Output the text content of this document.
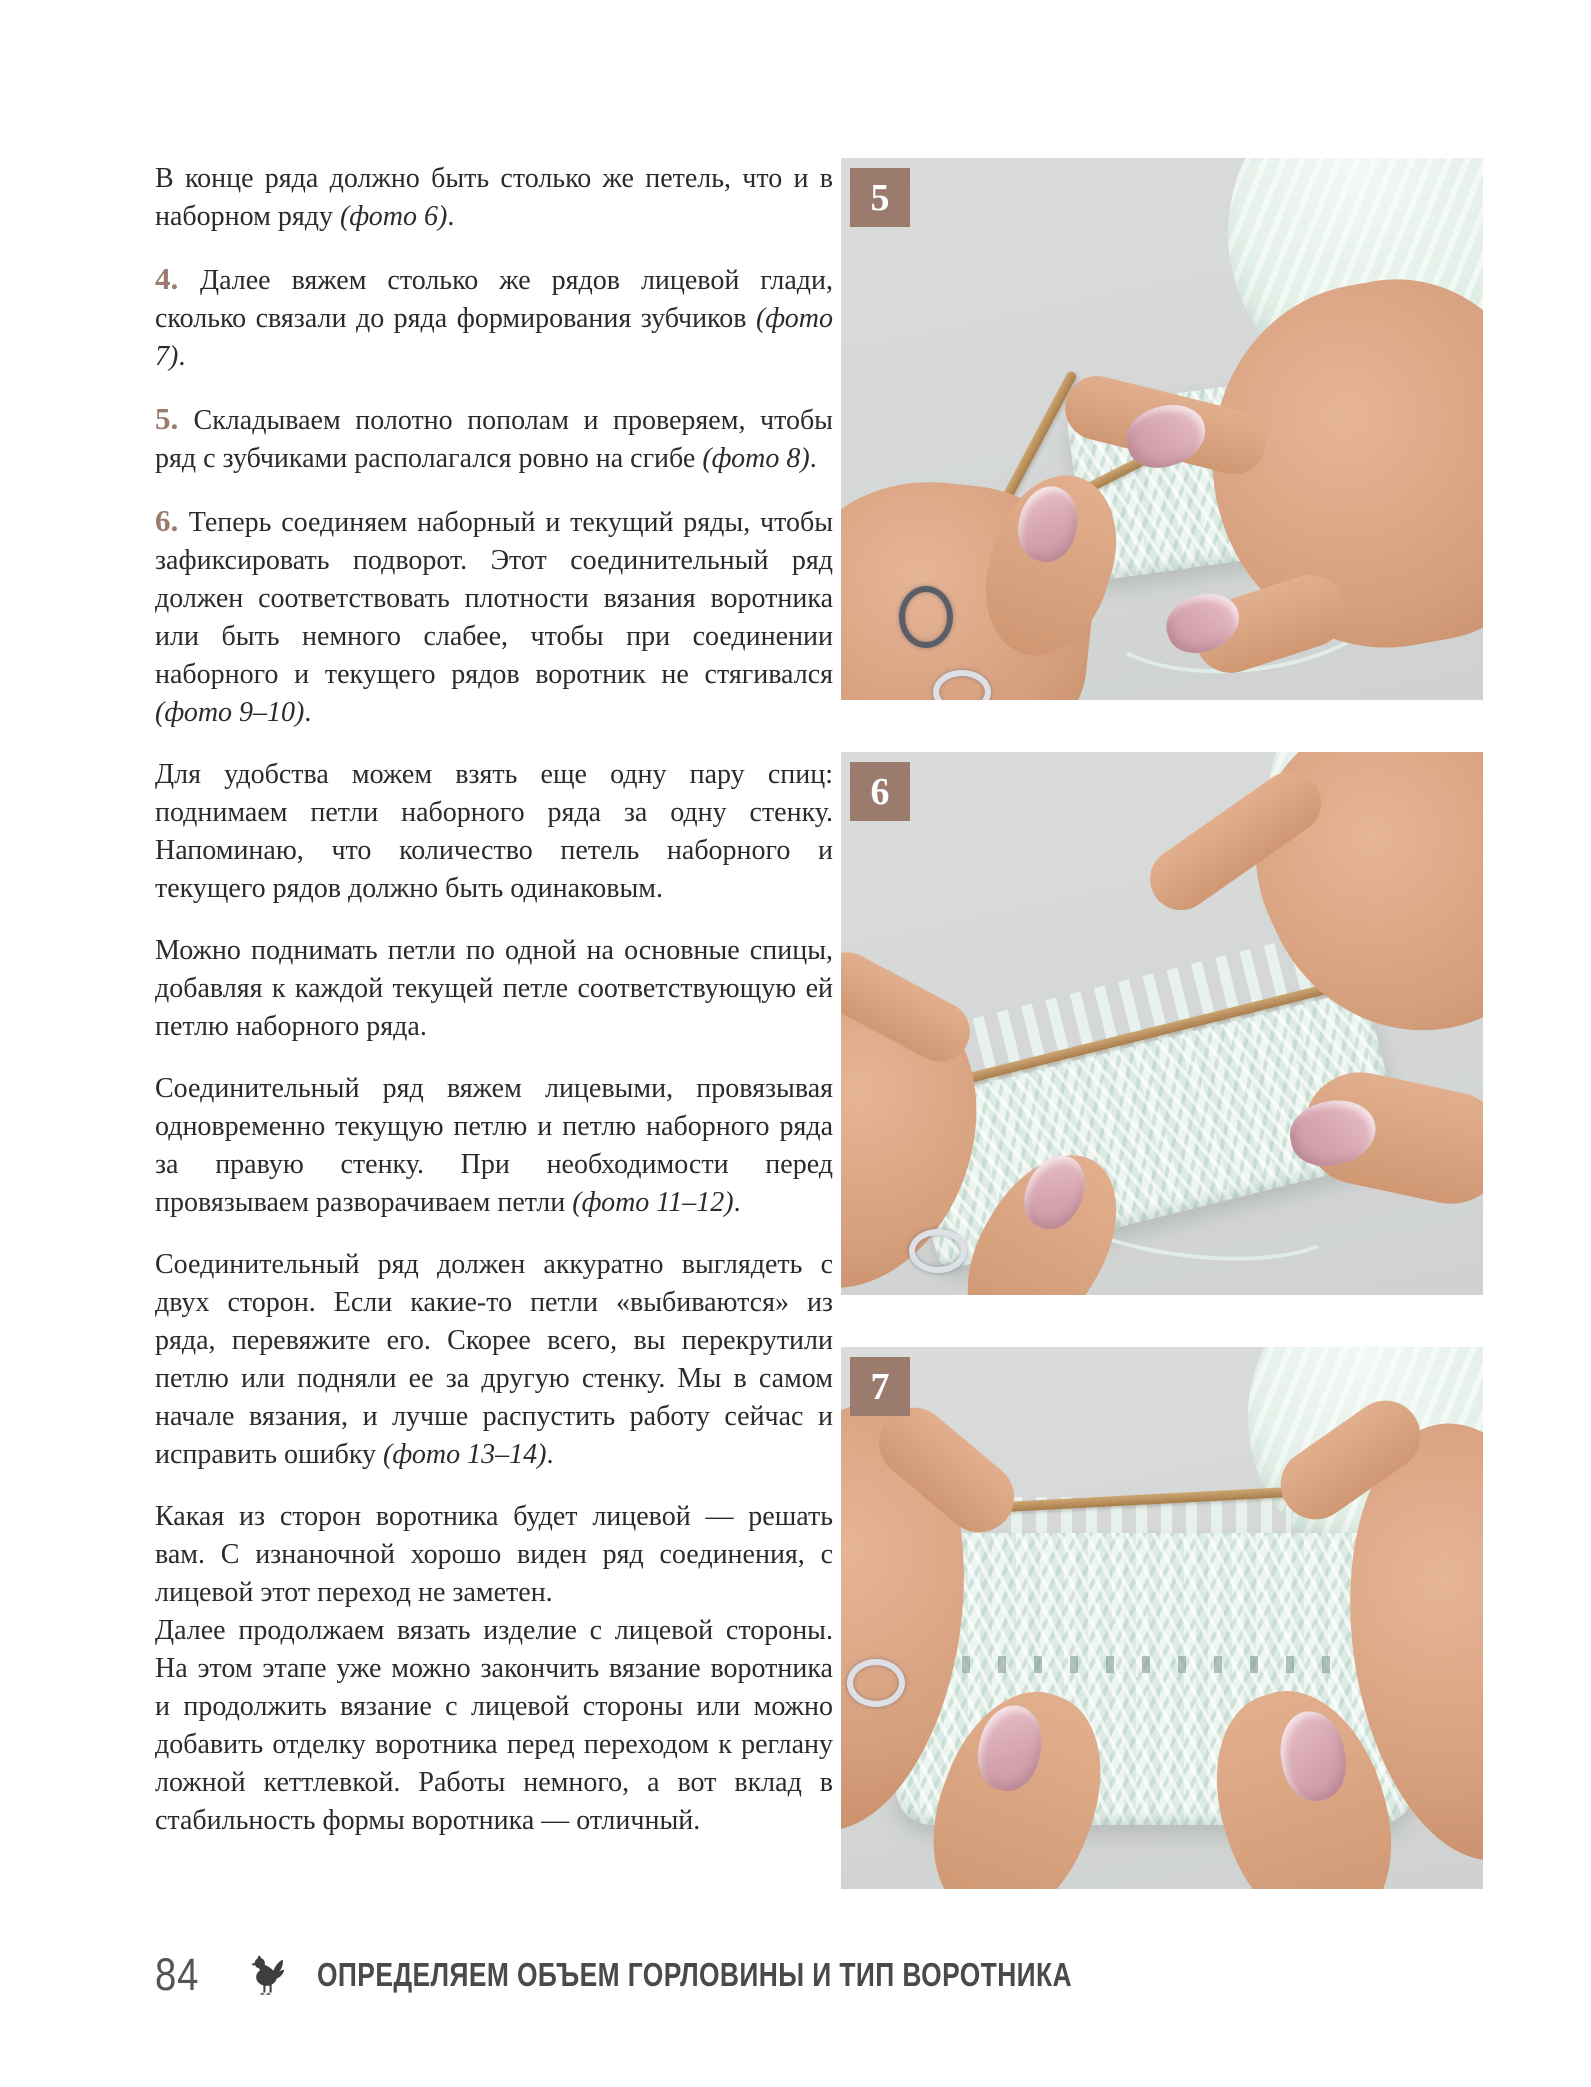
В конце ряда должно быть столько же петель, что и в наборном ряду (фото 6).

4. Далее вяжем столько же рядов лицевой глади, сколько связали до ряда формирования зубчиков (фото 7).

5. Складываем полотно пополам и проверяем, чтобы ряд с зубчиками располагался ровно на сгибе (фото 8).

6. Теперь соединяем наборный и текущий ряды, чтобы зафиксировать подворот. Этот соединительный ряд должен соответствовать плотности вязания воротника или быть немного слабее, чтобы при соединении наборного и текущего рядов воротник не стягивался (фото 9–10).

Для удобства можем взять еще одну пару спиц: поднимаем петли наборного ряда за одну стенку. Напоминаю, что количество петель наборного и текущего рядов должно быть одинаковым.

Можно поднимать петли по одной на основные спицы, добавляя к каждой текущей петле соответствующую ей петлю наборного ряда.

Соединительный ряд вяжем лицевыми, провязывая одновременно текущую петлю и петлю наборного ряда за правую стенку. При необходимости перед провязываем разворачиваем петли (фото 11–12).

Соединительный ряд должен аккуратно выглядеть с двух сторон. Если какие-то петли «выбиваются» из ряда, перевяжите его. Скорее всего, вы перекрутили петлю или подняли ее за другую стенку. Мы в самом начале вязания, и лучше распустить работу сейчас и исправить ошибку (фото 13–14).

Какая из сторон воротника будет лицевой — решать вам. С изнаночной хорошо виден ряд соединения, с лицевой этот переход не заметен.

Далее продолжаем вязать изделие с лицевой стороны. На этом этапе уже можно закончить вязание воротника и продолжить вязание с лицевой стороны или можно добавить отделку воротника перед переходом к реглану ложной кеттлевкой. Работы немного, а вот вклад в стабильность формы воротника — отличный.

5
6
7
84	ОПРЕДЕЛЯЕМ ОБЪЕМ ГОРЛОВИНЫ И ТИП ВОРОТНИКА
